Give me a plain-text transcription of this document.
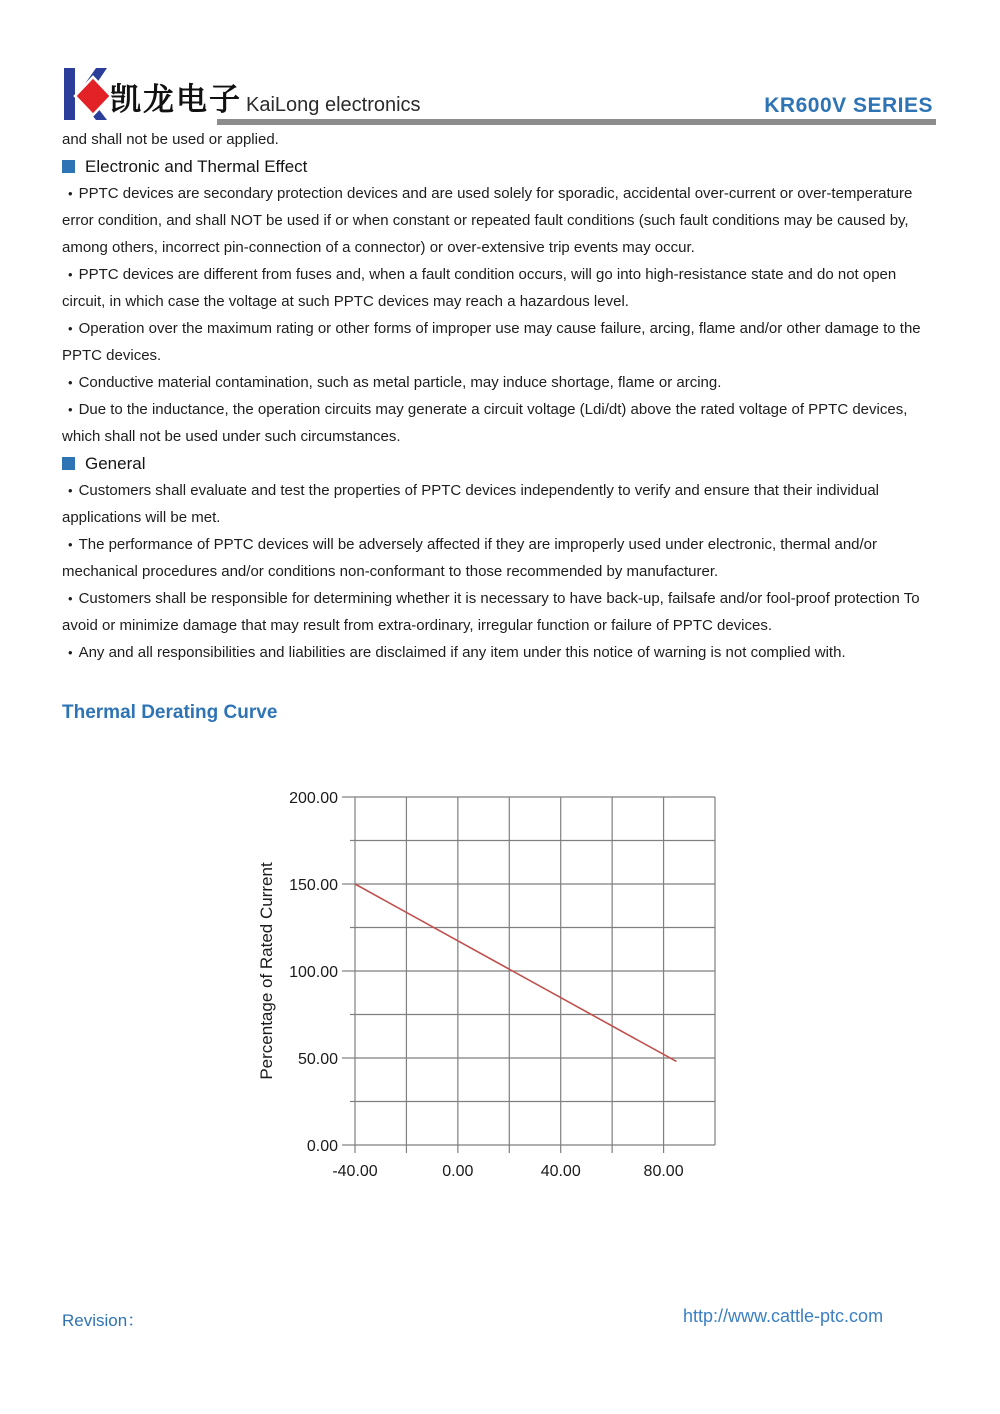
凯龙电子 KaiLong electronics	KR600V SERIES
and shall not be used or applied.
Electronic and Thermal Effect

• PPTC devices are secondary protection devices and are used solely for sporadic, accidental over-current or over-temperature error condition, and shall NOT be used if or when constant or repeated fault conditions (such fault conditions may be caused by, among others, incorrect pin-connection of a connector) or over-extensive trip events may occur.

• PPTC devices are different from fuses and, when a fault condition occurs, will go into high-resistance state and do not open circuit, in which case the voltage at such PPTC devices may reach a hazardous level.

• Operation over the maximum rating or other forms of improper use may cause failure, arcing, flame and/or other damage to the PPTC devices.

• Conductive material contamination, such as metal particle, may induce shortage, flame or arcing.

• Due to the inductance, the operation circuits may generate a circuit voltage (Ldi/dt) above the rated voltage of PPTC devices, which shall not be used under such circumstances.

General

• Customers shall evaluate and test the properties of PPTC devices independently to verify and ensure that their individual applications will be met.

• The performance of PPTC devices will be adversely affected if they are improperly used under electronic, thermal and/or mechanical procedures and/or conditions non-conformant to those recommended by manufacturer.

• Customers shall be responsible for determining whether it is necessary to have back-up, failsafe and/or fool-proof protection To avoid or minimize damage that may result from extra-ordinary, irregular function or failure of PPTC devices.

• Any and all responsibilities and liabilities are disclaimed if any item under this notice of warning is not complied with.

Thermal Derating Curve
0.00
50.00
100.00
150.00
200.00
-40.00	0.00	40.00	80.00
Percentage of Rated Current
Revision：	http://www.cattle-ptc.com
